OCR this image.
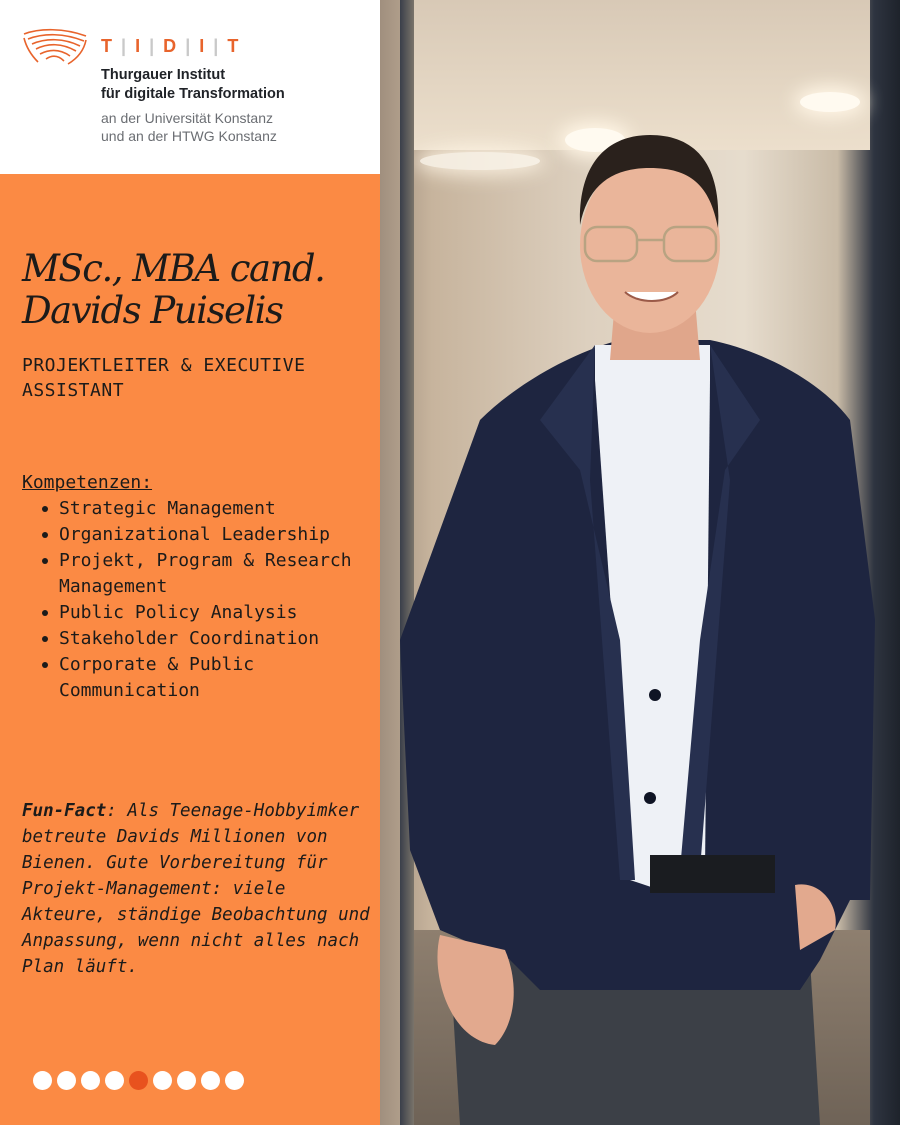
T | I | D | I | T
Thurgauer Institut
für digitale Transformation
an der Universität Konstanz
und an der HTWG Konstanz
MSc., MBA cand.
Davids Puiselis
PROJEKTLEITER & EXECUTIVE ASSISTANT
Kompetenzen:
Strategic Management
Organizational Leadership
Projekt, Program & Research Management
Public Policy Analysis
Stakeholder Coordination
Corporate & Public Communication
Fun-Fact: Als Teenage-Hobbyimker betreute Davids Millionen von Bienen. Gute Vorbereitung für Projekt-Management: viele Akteure, ständige Beobachtung und Anpassung, wenn nicht alles nach Plan läuft.
